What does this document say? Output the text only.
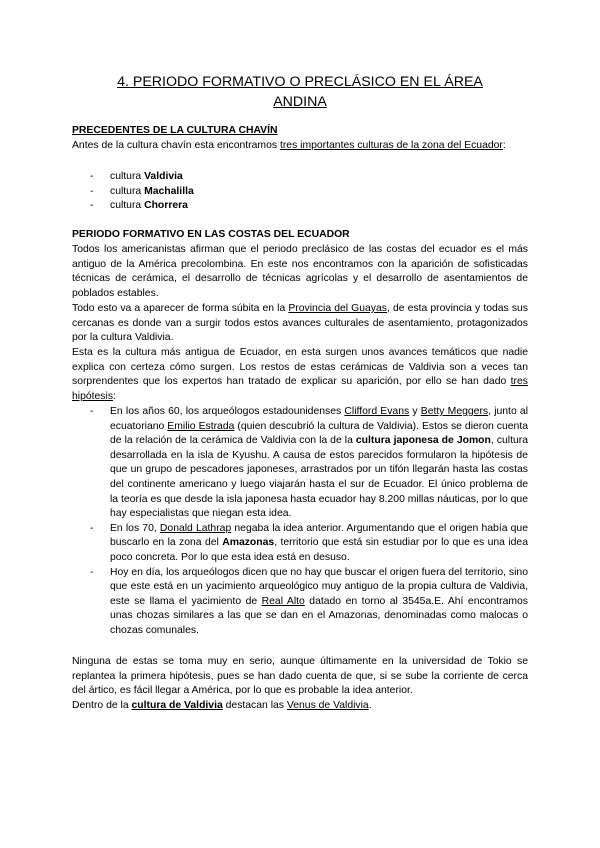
4. PERIODO FORMATIVO O PRECLÁSICO EN EL ÁREA
ANDINA
PRECEDENTES DE LA CULTURA CHAVÍN
Antes de la cultura chavín esta encontramos tres importantes culturas de la zona del Ecuador:
- cultura Valdivia
- cultura Machalilla
- cultura Chorrera
PERIODO FORMATIVO EN LAS COSTAS DEL ECUADOR
Todos los americanistas afirman que el periodo preclásico de las costas del ecuador es el más antiguo de la América precolombina. En este nos encontramos con la aparición de sofisticadas técnicas de cerámica, el desarrollo de técnicas agrícolas y el desarrollo de asentamientos de poblados estables.
Todo esto va a aparecer de forma súbita en la Provincia del Guayas, de esta provincia y todas sus cercanas es donde van a surgir todos estos avances culturales de asentamiento, protagonizados por la cultura Valdivia.
Esta es la cultura más antigua de Ecuador, en esta surgen unos avances temáticos que nadie explica con certeza cómo surgen. Los restos de estas cerámicas de Valdivia son a veces tan sorprendentes que los expertos han tratado de explicar su aparición, por ello se han dado tres hipótesis:
- En los años 60, los arqueólogos estadounidenses Clifford Evans y Betty Meggers, junto al ecuatoriano Emilio Estrada (quien descubrió la cultura de Valdivia). Estos se dieron cuenta de la relación de la cerámica de Valdivia con la de la cultura japonesa de Jomon, cultura desarrollada en la isla de Kyushu. A causa de estos parecidos formularon la hipótesis de que un grupo de pescadores japoneses, arrastrados por un tifón llegarán hasta las costas del continente americano y luego viajarán hasta el sur de Ecuador. El único problema de la teoría es que desde la isla japonesa hasta ecuador hay 8.200 millas náuticas, por lo que hay especialistas que niegan esta idea.
- En los 70, Donald Lathrap negaba la idea anterior. Argumentando que el origen había que buscarlo en la zona del Amazonas, territorio que está sin estudiar por lo que es una idea poco concreta. Por lo que esta idea está en desuso.
- Hoy en día, los arqueólogos dicen que no hay que buscar el origen fuera del territorio, sino que este está en un yacimiento arqueológico muy antiguo de la propia cultura de Valdivia, este se llama el yacimiento de Real Alto datado en torno al 3545a.E. Ahí encontramos unas chozas similares a las que se dan en el Amazonas, denominadas como malocas o chozas comunales.
Ninguna de estas se toma muy en serio, aunque últimamente en la universidad de Tokio se replantea la primera hipótesis, pues se han dado cuenta de que, si se sube la corriente de cerca del ártico, es fácil llegar a América, por lo que es probable la idea anterior.
Dentro de la cultura de Valdivia destacan las Venus de Valdivia.
